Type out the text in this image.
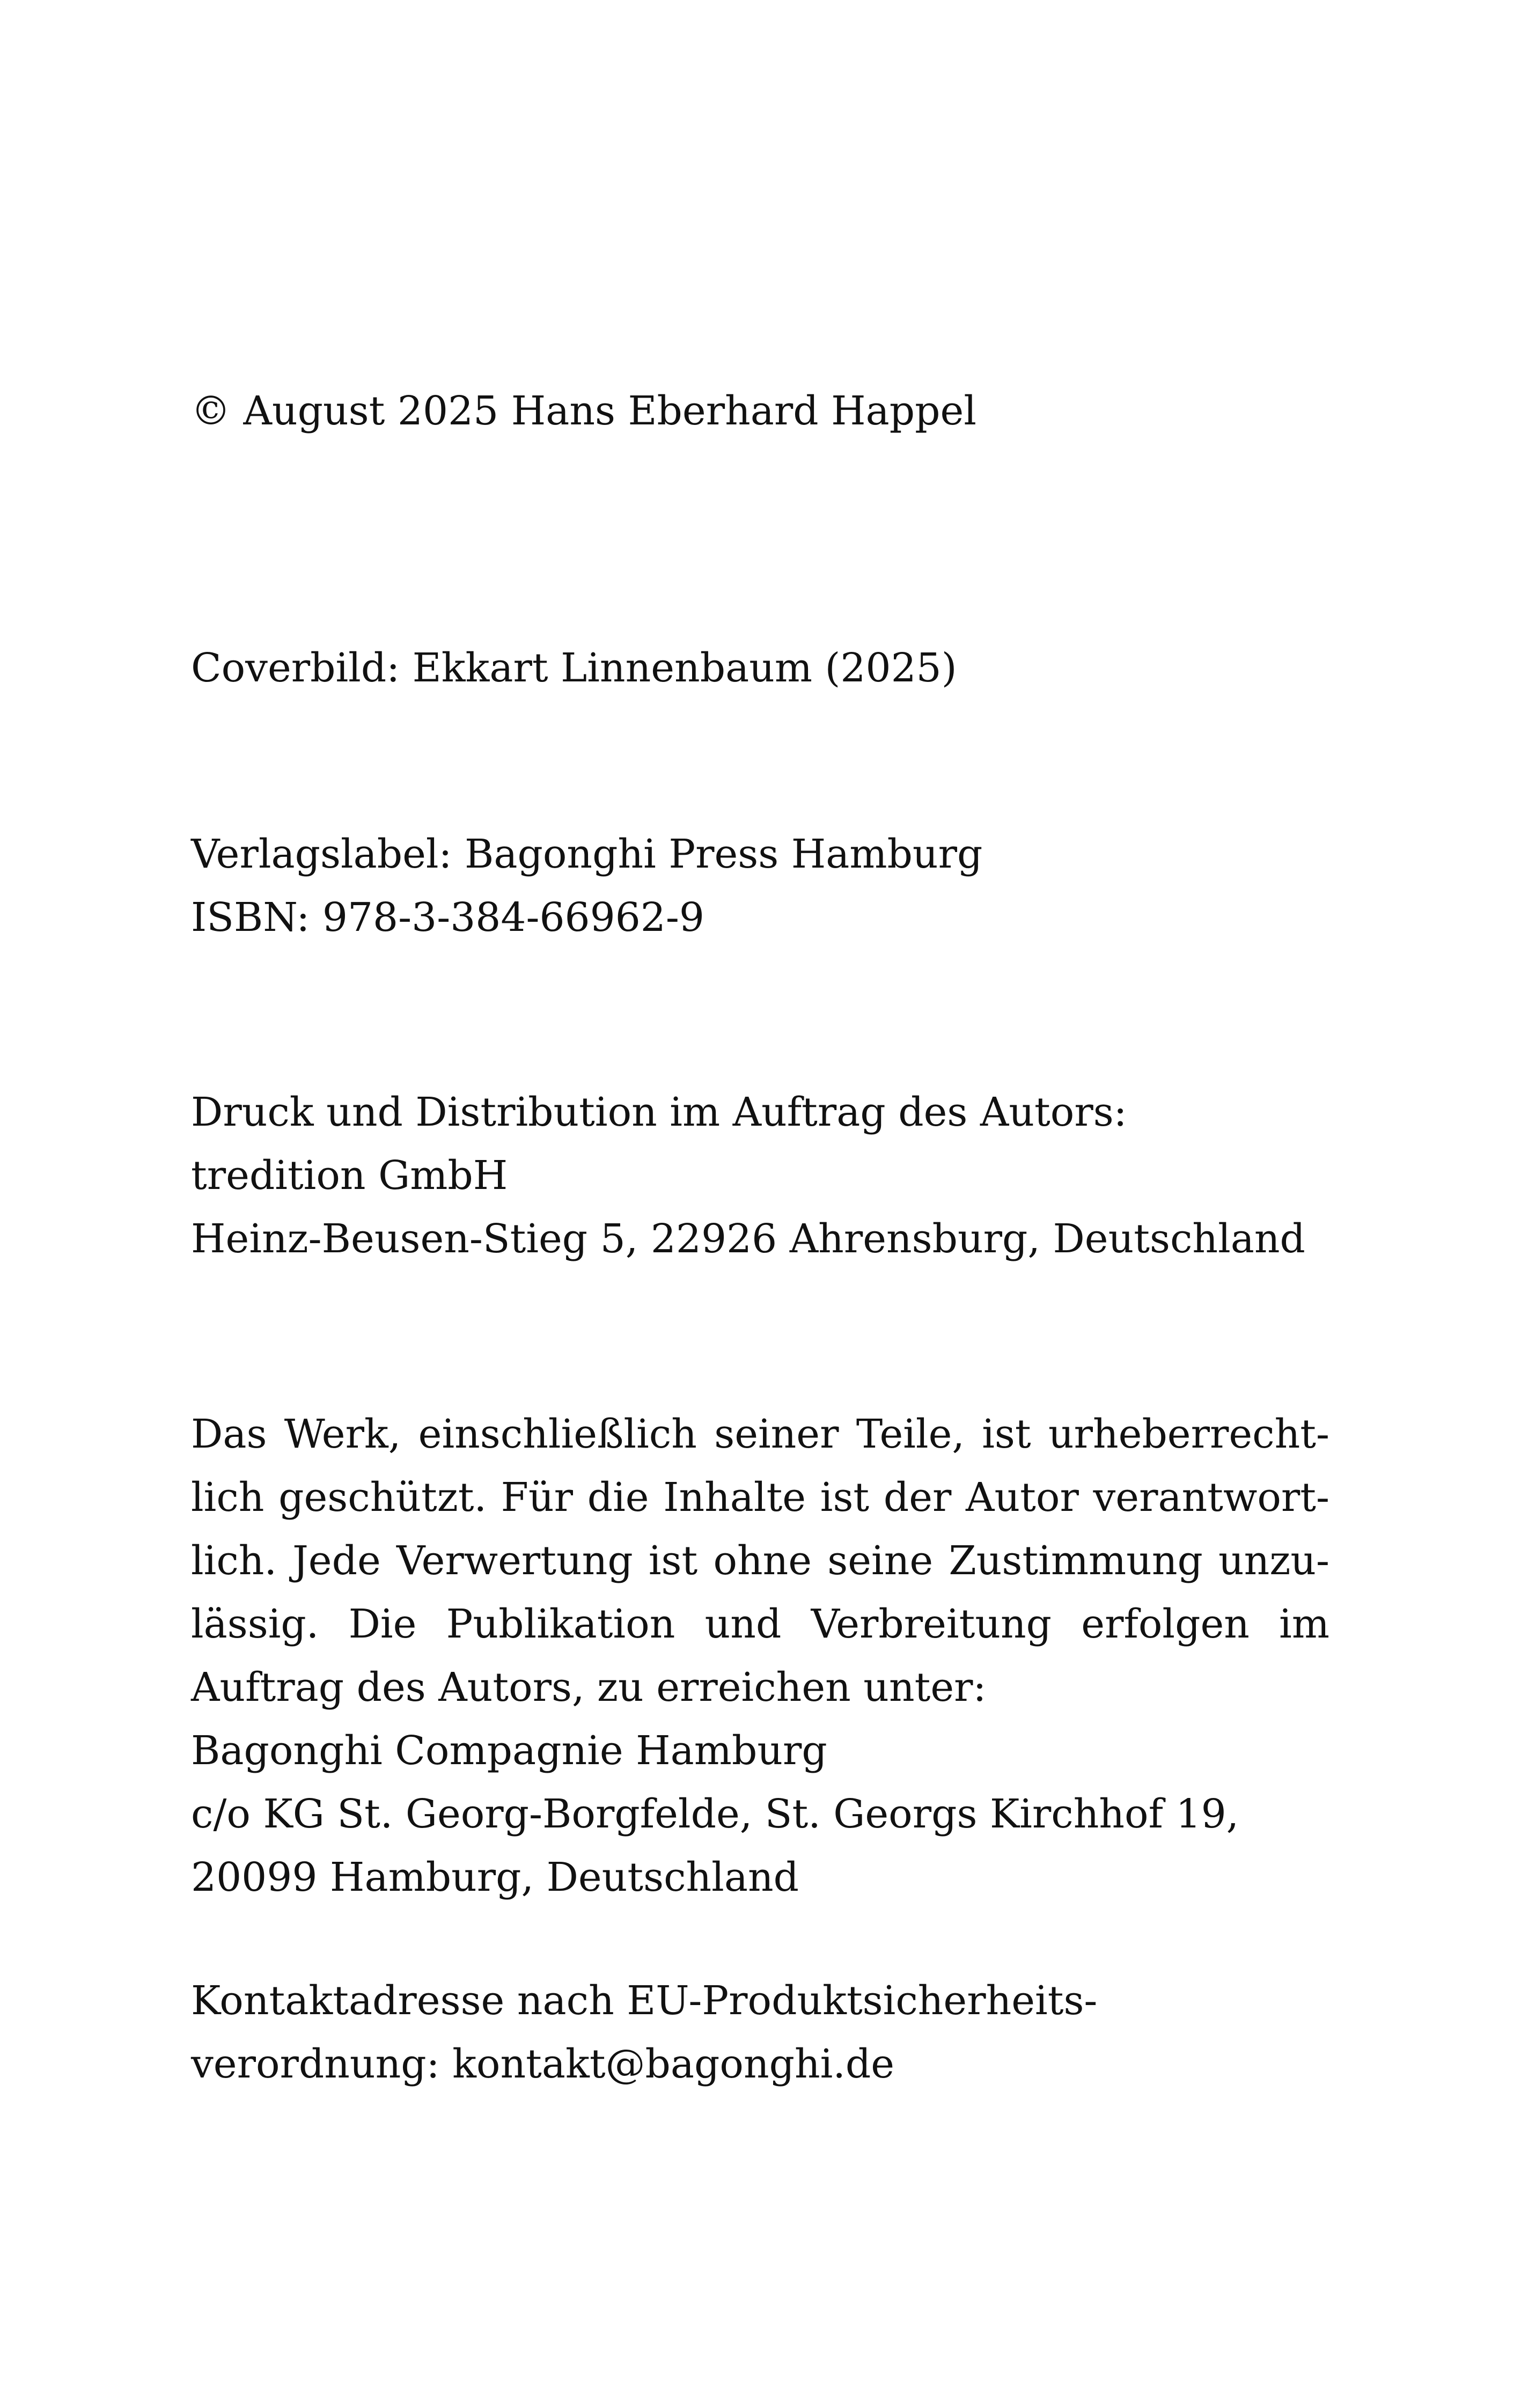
© August 2025 Hans Eberhard Happel
Coverbild: Ekkart Linnenbaum (2025)
Verlagslabel: Bagonghi Press Hamburg
ISBN: 978-3-384-66962-9
Druck und Distribution im Auftrag des Autors:
tredition GmbH
Heinz-Beusen-Stieg 5, 22926 Ahrensburg, Deutschland
Das Werk, einschließlich seiner Teile, ist urheberrecht-
lich geschützt. Für die Inhalte ist der Autor verantwort-
lich. Jede Verwertung ist ohne seine Zustimmung unzu-
lässig. Die Publikation und Verbreitung erfolgen im
Auftrag des Autors, zu erreichen unter:
Bagonghi Compagnie Hamburg
c/o KG St. Georg-Borgfelde, St. Georgs Kirchhof 19,
20099 Hamburg, Deutschland
Kontaktadresse nach EU-Produktsicherheits-
verordnung: kontakt@bagonghi.de
